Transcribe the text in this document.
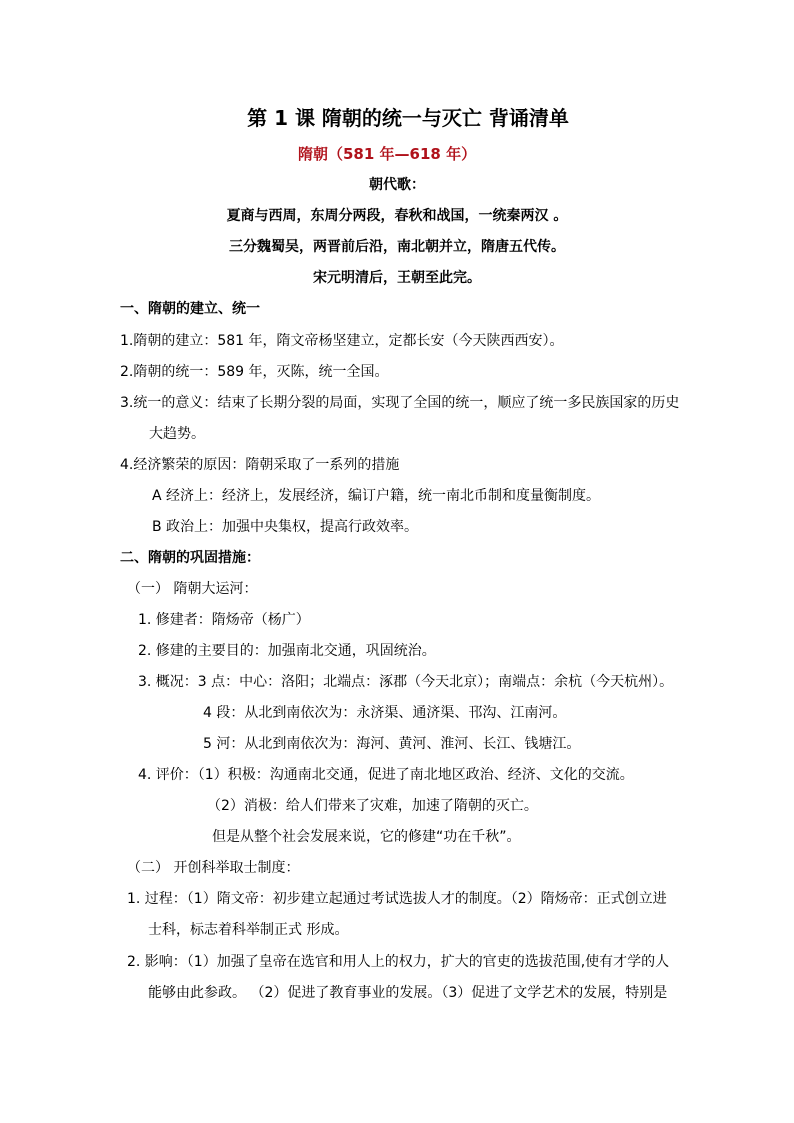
第 1 课 隋朝的统一与灭亡 背诵清单
隋朝（581 年—618 年）
朝代歌：
夏商与西周，东周分两段，春秋和战国，一统秦两汉 。
三分魏蜀吴，两晋前后沿，南北朝并立，隋唐五代传。
宋元明清后，王朝至此完。
一、隋朝的建立、统一
1.隋朝的建立：581 年，隋文帝杨坚建立，定都长安（今天陕西西安）。
2.隋朝的统一：589 年，灭陈，统一全国。
3.统一的意义：结束了长期分裂的局面，实现了全国的统一，顺应了统一多民族国家的历史
大趋势。
4.经济繁荣的原因：隋朝采取了一系列的措施
A 经济上：经济上，发展经济，编订户籍，统一南北币制和度量衡制度。
B 政治上：加强中央集权，提高行政效率。
二、隋朝的巩固措施：
（一） 隋朝大运河：
1. 修建者：隋炀帝（杨广）
2. 修建的主要目的：加强南北交通，巩固统治。
3. 概况：3 点：中心：洛阳；北端点：涿郡（今天北京）；南端点：余杭（今天杭州）。
4 段：从北到南依次为：永济渠、通济渠、邗沟、江南河。
5 河：从北到南依次为：海河、黄河、淮河、长江、钱塘江。
4. 评价：（1）积极：沟通南北交通，促进了南北地区政治、经济、文化的交流。
（2）消极：给人们带来了灾难，加速了隋朝的灭亡。
但是从整个社会发展来说，它的修建“功在千秋”。
（二） 开创科举取士制度：
1. 过程：（1）隋文帝：初步建立起通过考试选拔人才的制度。（2）隋炀帝：正式创立进
士科，标志着科举制正式 形成。
2. 影响：（1）加强了皇帝在选官和用人上的权力，扩大的官吏的选拔范围,使有才学的人
能够由此参政。 （2）促进了教育事业的发展。（3）促进了文学艺术的发展，特别是
